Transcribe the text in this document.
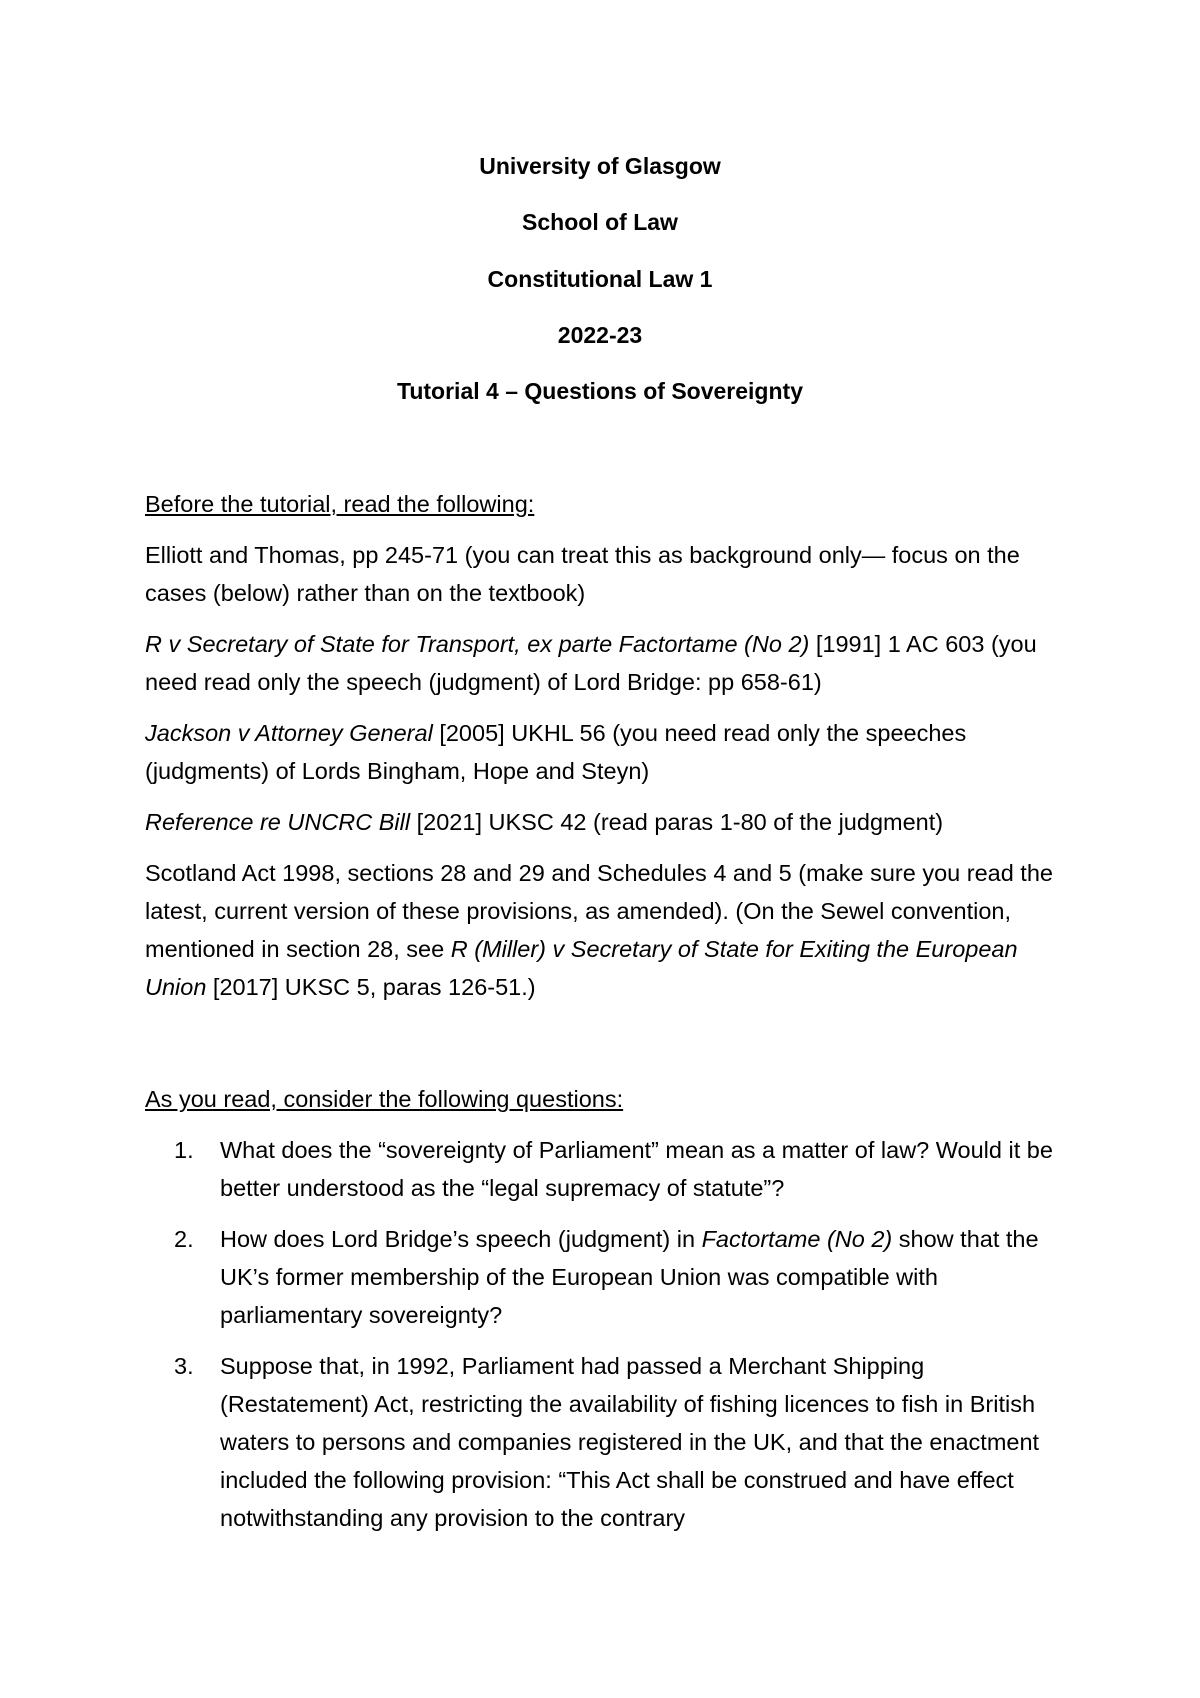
University of Glasgow
School of Law
Constitutional Law 1
2022-23
Tutorial 4 – Questions of Sovereignty

Before the tutorial, read the following:

Elliott and Thomas, pp 245-71 (you can treat this as background only— focus on the cases (below) rather than on the textbook)

R v Secretary of State for Transport, ex parte Factortame (No 2) [1991] 1 AC 603 (you need read only the speech (judgment) of Lord Bridge: pp 658-61)

Jackson v Attorney General [2005] UKHL 56 (you need read only the speeches (judgments) of Lords Bingham, Hope and Steyn)

Reference re UNCRC Bill [2021] UKSC 42 (read paras 1-80 of the judgment)

Scotland Act 1998, sections 28 and 29 and Schedules 4 and 5 (make sure you read the latest, current version of these provisions, as amended). (On the Sewel convention, mentioned in section 28, see R (Miller) v Secretary of State for Exiting the European Union [2017] UKSC 5, paras 126-51.)

As you read, consider the following questions:

1. What does the “sovereignty of Parliament” mean as a matter of law? Would it be better understood as the “legal supremacy of statute”?
2. How does Lord Bridge’s speech (judgment) in Factortame (No 2) show that the UK’s former membership of the European Union was compatible with parliamentary sovereignty?
3. Suppose that, in 1992, Parliament had passed a Merchant Shipping (Restatement) Act, restricting the availability of fishing licences to fish in British waters to persons and companies registered in the UK, and that the enactment included the following provision: “This Act shall be construed and have effect notwithstanding any provision to the contrary
